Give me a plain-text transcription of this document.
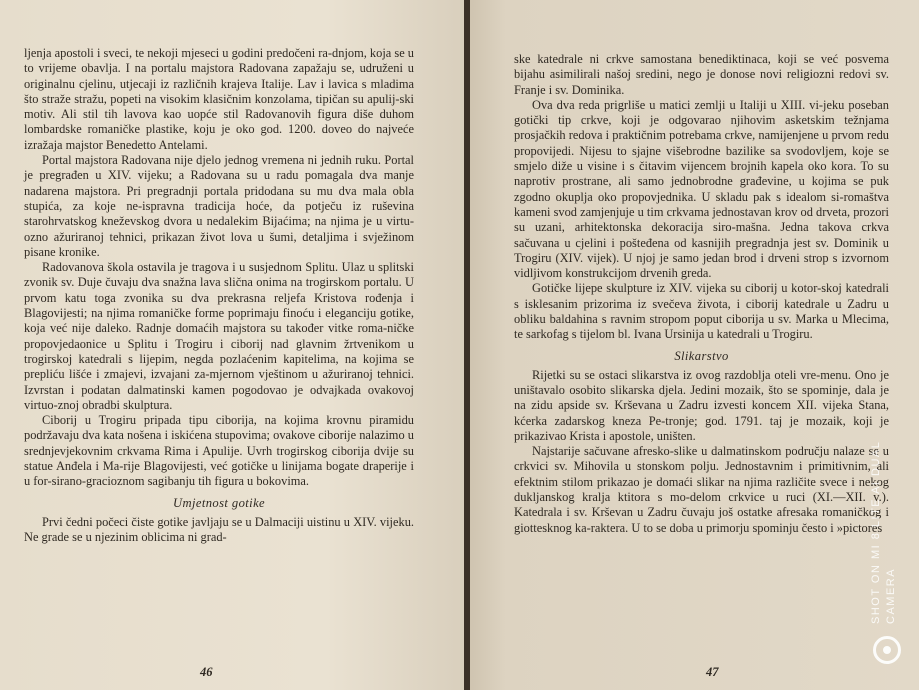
ljenja apostoli i sveci, te nekoji mjeseci u godini predočeni ra-dnjom, koja se u to vrijeme obavlja. I na portalu majstora Radovana zapažaju se, udruženi u originalnu cjelinu, utjecaji iz različnih krajeva Italije. Lav i lavica s mladima što straže stražu, popeti na visokim klasičnim konzolama, tipičan su apulij-ski motiv. Ali stil tih lavova kao uopće stil Radovanovih figura diše duhom lombardske romaničke plastike, koju je oko god. 1200. doveo do najveće izražaja majstor Benedetto Antelami.

Portal majstora Radovana nije djelo jednog vremena ni jednih ruku. Portal je pregrađen u XIV. vijeku; a Radovana su u radu pomagala dva manje nadarena majstora. Pri pregradnji portala pridodana su mu dva mala obla stupića, za koje ne-ispravna tradicija hoće, da potječu iz ruševina starohrvatskog kneževskog dvora u nedalekim Bijaćima; na njima je u virtu-ozno ažuriranoj tehnici, prikazan život lova u šumi, detaljima i svježinom pisane kronike.

Radovanova škola ostavila je tragova i u susjednom Splitu. Ulaz u splitski zvonik sv. Duje čuvaju dva snažna lava slična onima na trogirskom portalu. U prvom katu toga zvonika su dva prekrasna reljefa Kristova rođenja i Blagovijesti; na njima romaničke forme poprimaju finoću i eleganciju gotike, koja već nije daleko. Radnje domaćih majstora su također vitke roma-ničke propovjedaonice u Splitu i Trogiru i ciborij nad glavnim žrtvenikom u trogirskoj katedrali s lijepim, negda pozlaćenim kapitelima, na kojima se prepliću lišće i zmajevi, izvajani za-mjernom vještinom u ažuriranoj tehnici. Izvrstan i podatan dalmatinski kamen pogodovao je odvajkada ovakovoj virtuo-znoj obradbi skulptura.

Ciborij u Trogiru pripada tipu ciborija, na kojima krovnu piramidu podržavaju dva kata nošena i iskićena stupovima; ovakove ciborije nalazimo u srednjevjekovnim crkvama Rima i Apulije. Uvrh trogirskog ciborija dvije su statue Anđela i Ma-rije Blagovijesti, već gotičke u linijama bogate draperije i u for-sirano-gracioznom sagibanju tih figura u bokovima.

Umjetnost gotike

Prvi čedni počeci čiste gotike javljaju se u Dalmaciji uistinu u XIV. vijeku. Ne grade se u njezinim oblicima ni grad-

46

ske katedrale ni crkve samostana benediktinaca, koji se već posvema bijahu asimilirali našoj sredini, nego je donose novi religiozni redovi sv. Franje i sv. Dominika.

Ova dva reda prigrliše u matici zemlji u Italiji u XIII. vi-jeku poseban gotički tip crkve, koji je odgovarao njihovim asketskim težnjama prosjačkih redova i praktičnim potrebama crkve, namijenjene u prvom redu propovijedi. Nijesu to sjajne višebrodne bazilike sa svodovljem, koje se smjelo diže u visine i s čitavim vijencem brojnih kapela oko kora. To su naprotiv prostrane, ali samo jednobrodne građevine, u kojima se puk zgodno okuplja oko propovjednika. U skladu pak s idealom si-romaštva kameni svod zamjenjuje u tim crkvama jednostavan krov od drveta, prozori su uzani, arhitektonska dekoracija siro-mašna. Jedna takova crkva sačuvana u cjelini i pošteđena od kasnijih pregradnja jest sv. Dominik u Trogiru (XIV. vijek). U njoj je samo jedan brod i drveni strop s izvornom vidljivom konstrukcijom drvenih greda.

Gotičke lijepe skulpture iz XIV. vijeka su ciborij u kotor-skoj katedrali s isklesanim prizorima iz svečeva života, i ciborij katedrale u Zadru u obliku baldahina s ravnim stropom poput ciborija u sv. Marka u Mlecima, te sarkofag s tijelom bl. Ivana Ursinija u katedrali u Trogiru.

Slikarstvo

Rijetki su se ostaci slikarstva iz ovog razdoblja oteli vre-menu. Ono je uništavalo osobito slikarska djela. Jedini mozaik, što se spominje, dala je na zidu apside sv. Krševana u Zadru izvesti koncem XII. vijeka Stana, kćerka zadarskog kneza Pe-tronje; god. 1791. taj je mozaik, koji je prikazivao Krista i apostole, uništen.

Najstarije sačuvane afresko-slike u dalmatinskom području nalaze se u crkvici sv. Mihovila u stonskom polju. Jednostavnim i primitivnim, ali efektnim stilom prikazao je domaći slikar na njima različite svece i nekog dukljanskog kralja ktitora s mo-delom crkvice u ruci (XI.—XII. v.). Katedrala i sv. Krševan u Zadru čuvaju još ostatke afresaka romaničkog i giottesknog ka-raktera. U to se doba u primorju spominju često i »pictores

47
SHOT ON MI 8 LITE AI DUAL CAMERA
